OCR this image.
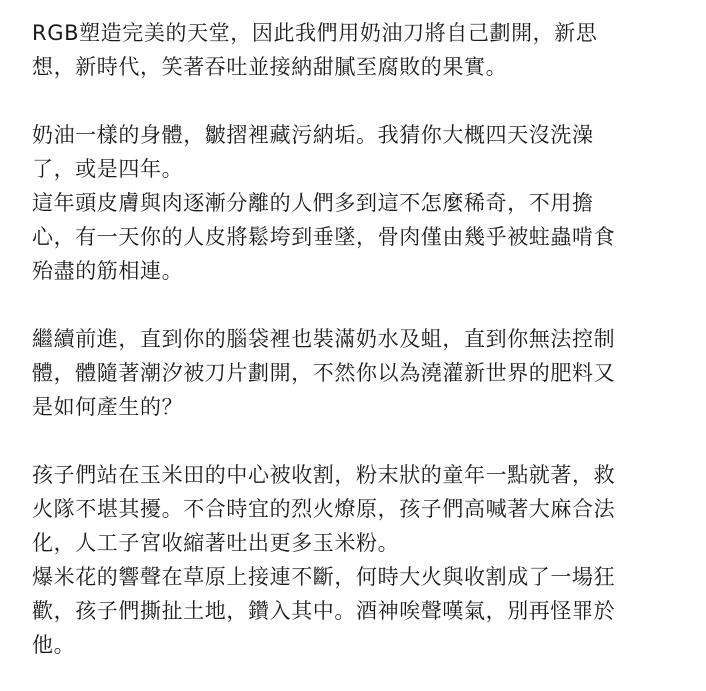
RGB塑造完美的天堂，因此我們用奶油刀將自己劃開，新思
想，新時代，笑著吞吐並接納甜膩至腐敗的果實。
奶油一樣的身體，皺摺裡藏污納垢。我猜你大概四天沒洗澡
了，或是四年。
這年頭皮膚與肉逐漸分離的人們多到這不怎麼稀奇，不用擔
心，有一天你的人皮將鬆垮到垂墜，骨肉僅由幾乎被蛀蟲啃食
殆盡的筋相連。
繼續前進，直到你的腦袋裡也裝滿奶水及蛆，直到你無法控制
體，體隨著潮汐被刀片劃開，不然你以為澆灌新世界的肥料又
是如何產生的？
孩子們站在玉米田的中心被收割，粉末狀的童年一點就著，救
火隊不堪其擾。不合時宜的烈火燎原，孩子們高喊著大麻合法
化，人工子宮收縮著吐出更多玉米粉。
爆米花的響聲在草原上接連不斷，何時大火與收割成了一場狂
歡，孩子們撕扯土地，鑽入其中。酒神唉聲嘆氣，別再怪罪於
他。
